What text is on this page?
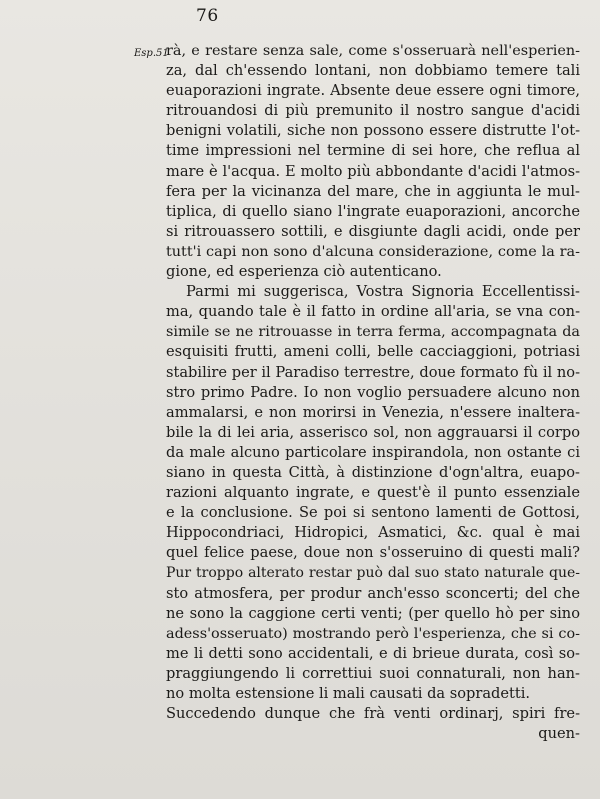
76
Esp.51

rà, e restare senza sale, come s'osseruarà nell'esperien-

za, dal ch'essendo lontani, non dobbiamo temere tali

euaporazioni ingrate. Absente deue essere ogni timore,

ritrouandosi di più premunito il nostro sangue d'acidi

benigni volatili, siche non possono essere distrutte l'ot-

time impressioni nel termine di sei hore, che reflua al

mare è l'acqua. E molto più abbondante d'acidi l'atmos-

fera per la vicinanza del mare, che in aggiunta le mul-

tiplica, di quello siano l'ingrate euaporazioni, ancorche

si ritrouassero sottili, e disgiunte dagli acidi, onde per

tutt'i capi non sono d'alcuna considerazione, come la ra-

gione, ed esperienza ciò autenticano.

Parmi mi suggerisca, Vostra Signoria Eccellentissi-

ma, quando tale è il fatto in ordine all'aria, se vna con-

simile se ne ritrouasse in terra ferma, accompagnata da

esquisiti frutti, ameni colli, belle cacciaggioni, potriasi

stabilire per il Paradiso terrestre, doue formato fù il no-

stro primo Padre. Io non voglio persuadere alcuno non

ammalarsi, e non morirsi in Venezia, n'essere inaltera-

bile la di lei aria, asserisco sol, non aggrauarsi il corpo

da male alcuno particolare inspirandola, non ostante ci

siano in questa Città, à distinzione d'ogn'altra, euapo-

razioni alquanto ingrate, e quest'è il punto essenziale

e la conclusione. Se poi si sentono lamenti de Gottosi,

Hippocondriaci, Hidropici, Asmatici, &c. qual è mai

quel felice paese, doue non s'osseruino di questi mali?

Pur troppo alterato restar può dal suo stato naturale que-

sto atmosfera, per produr anch'esso sconcerti; del che

ne sono la caggione certi venti; (per quello hò per sino

adess'osseruato) mostrando però l'esperienza, che si co-

me li detti sono accidentali, e di brieue durata, così so-

praggiungendo li correttiui suoi connaturali, non han-

no molta estensione li mali causati da sopradetti.

Succedendo dunque che frà venti ordinarj, spiri fre-

quen-
